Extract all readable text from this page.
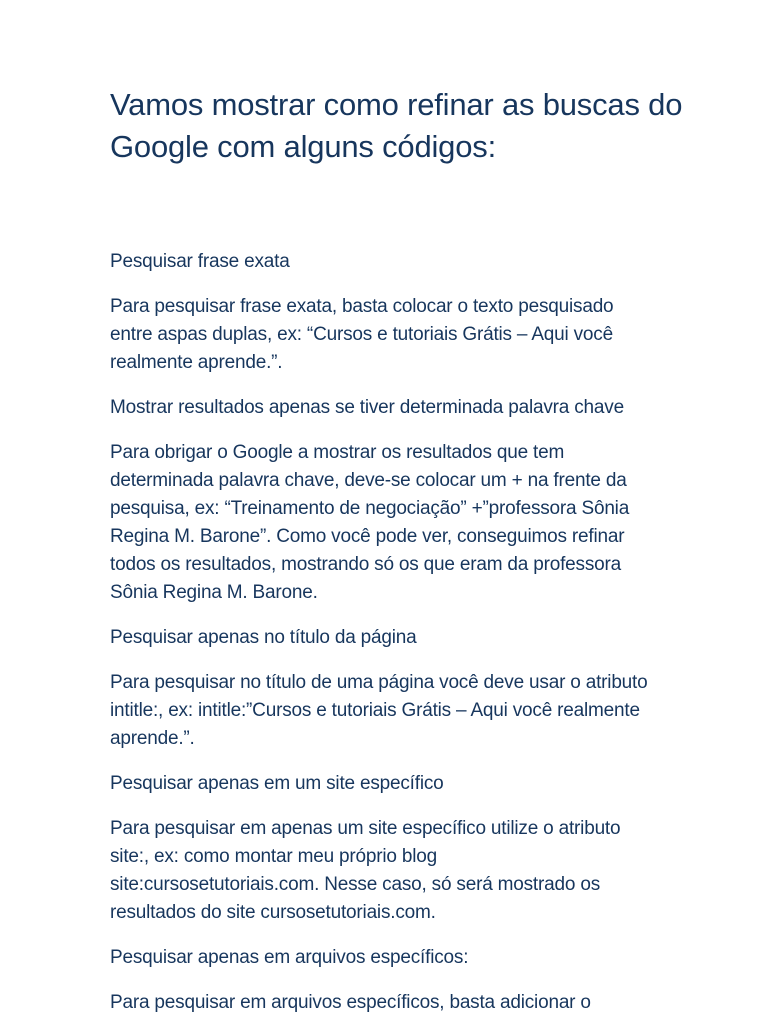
Vamos mostrar como refinar as buscas do
Google com alguns códigos:

Pesquisar frase exata

Para pesquisar frase exata, basta colocar o texto pesquisado
entre aspas duplas, ex: “Cursos e tutoriais Grátis – Aqui você
realmente aprende.”.

Mostrar resultados apenas se tiver determinada palavra chave

Para obrigar o Google a mostrar os resultados que tem
determinada palavra chave, deve-se colocar um + na frente da
pesquisa, ex: “Treinamento de negociação” +”professora Sônia
Regina M. Barone”. Como você pode ver, conseguimos refinar
todos os resultados, mostrando só os que eram da professora
Sônia Regina M. Barone.

Pesquisar apenas no título da página

Para pesquisar no título de uma página você deve usar o atributo
intitle:, ex: intitle:”Cursos e tutoriais Grátis – Aqui você realmente
aprende.”.

Pesquisar apenas em um site específico

Para pesquisar em apenas um site específico utilize o atributo
site:, ex: como montar meu próprio blog
site:cursosetutoriais.com. Nesse caso, só será mostrado os
resultados do site cursosetutoriais.com.

Pesquisar apenas em arquivos específicos:

Para pesquisar em arquivos específicos, basta adicionar o
